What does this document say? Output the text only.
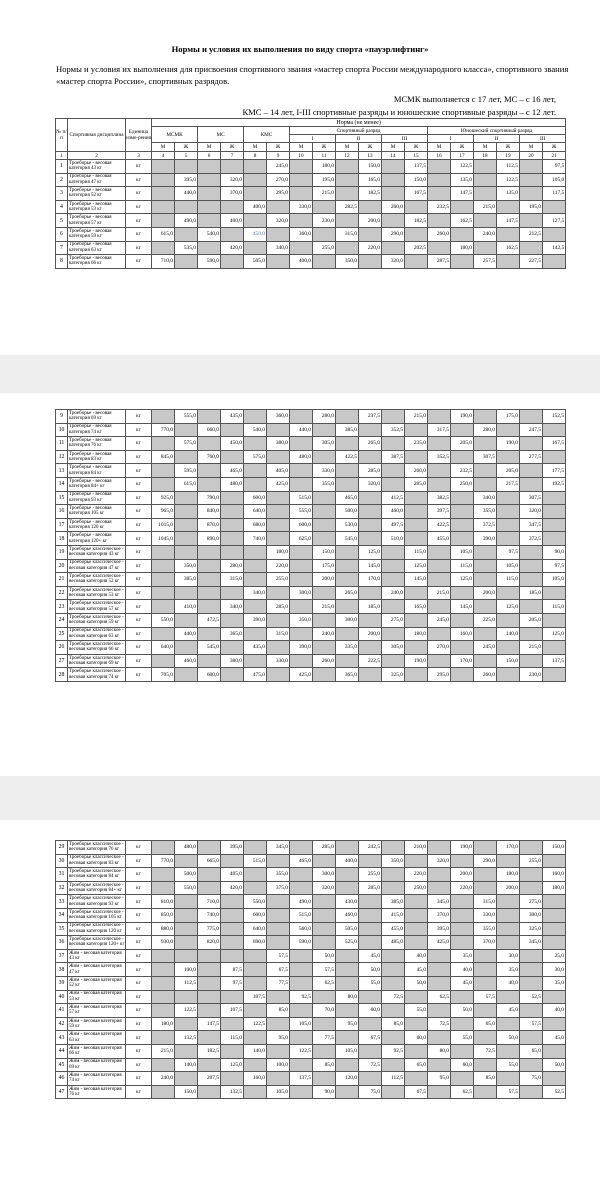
Нормы и условия их выполнения по виду спорта «пауэрлифтинг»
Нормы и условия их выполнения для присвоения спортивного звания «мастер спорта России международного класса», спортивного звания «мастер спорта России», спортивных разрядов.
МСМК выполняется с 17 лет, МС – с 16 лет,
КМС – 14 лет, I-III спортивные разряды и юношеские спортивные разряды – с 12 лет.
№ п/п	Спортивная дисциплина	Единица изме-рения	Норма (не менее)																	
			МСМК		МС		КМС		Спортивный разряд						Юношеский спортивный разряд					
									I		II		III		I		II		III	
			М	Ж	М	Ж	М	Ж	М	Ж	М	Ж	М	Ж	М	Ж	М	Ж	М	Ж
1	2	3	4	5	6	7	8	9	10	11	12	13	14	15	16	17	18	19	20	21
1	Троеборье - весовая категория 43 кг	кг						245,0		180,0		150,0		137,5		122,5		112,5		97,5
2	Троеборье - весовая категория 47 кг	кг		395,0		320,0		270,0		195,0		165,0		150,0		135,0		122,5		105,0
3	Троеборье - весовая категория 52 кг	кг		440,0		370,0		295,0		215,0		182,5		167,5		147,5		135,0		117,5
4	Троеборье - весовая категория 53 кг	кг					400,0		330,0		282,5		260,0		232,5		215,0		195,0	
5	Троеборье - весовая категория 57 кг	кг		490,0		400,0		320,0		230,0		200,0		182,5		162,5		147,5		127,5
6	Троеборье - весовая категория 59 кг	кг	615,0		540,0		450,0		360,0		315,0		290,0		260,0		240,0		212,5	
7	Троеборье - весовая категория 63 кг	кг		535,0		420,0		340,0		255,0		220,0		202,5		180,0		162,5		142,5
8	Троеборье - весовая категория 66 кг	кг	710,0		590,0		505,0		400,0		350,0		320,0		287,5		257,5		227,5	
9	Троеборье - весовая категория 69 кг	кг		555,0		435,0		360,0		280,0		237,5		215,0		190,0		175,0		152,5
10	Троеборье - весовая категория 74 кг	кг	770,0		660,0		540,0		440,0		385,0		352,5		317,5		280,0		247,5	
11	Троеборье - весовая категория 76 кг	кг		575,0		450,0		380,0		305,0		265,0		235,0		205,0		190,0		167,5
12	Троеборье - весовая категория 83 кг	кг	845,0		760,0		575,0		480,0		422,5		387,5		352,5		307,5		277,5	
13	Троеборье - весовая категория 84 кг	кг		595,0		465,0		405,0		330,0		285,0		260,0		232,5		205,0		177,5
14	Троеборье - весовая категория 84+ кг	кг		615,0		480,0		425,0		355,0		320,0		285,0		250,0		217,5		192,5
15	Троеборье - весовая категория 93 кг	кг	925,0		790,0		600,0		515,0		465,0		412,5		382,5		340,0		307,5	
16	Троеборье - весовая категория 105 кг	кг	965,0		840,0		640,0		555,0		500,0		460,0		397,5		355,0		320,0	
17	Троеборье - весовая категория 120 кг	кг	1015,0		870,0		680,0		600,0		530,0		497,5		422,5		372,5		347,5	
18	Троеборье - весовая категория 120+ кг	кг	1045,0		890,0		740,0		625,0		545,0		510,0		455,0		390,0		372,5	
19	Троеборье классическое - весовая категория 43 кг	кг						180,0		150,0		125,0		115,0		105,0		97,5		90,0
20	Троеборье классическое - весовая категория 47 кг	кг		350,0		280,0		220,0		175,0		145,0		125,0		115,0		105,0		97,5
21	Троеборье классическое - весовая категория 52 кг	кг		385,0		315,0		255,0		200,0		170,0		145,0		125,0		115,0		105,0
22	Троеборье классическое - весовая категория 53 кг	кг					340,0		300,0		265,0		240,0		215,0		200,0		185,0	
23	Троеборье классическое - весовая категория 57 кг	кг		410,0		340,0		285,0		215,0		185,0		165,0		145,0		125,0		115,0
24	Троеборье классическое - весовая категория 59 кг	кг	550,0		472,5		390,0		350,0		300,0		275,0		245,0		225,0		205,0	
25	Троеборье классическое - весовая категория 63 кг	кг		440,0		365,0		315,0		240,0		200,0		180,0		160,0		140,0		125,0
26	Троеборье классическое - весовая категория 66 кг	кг	640,0		545,0		435,0		390,0		335,0		305,0		270,0		245,0		215,0	
27	Троеборье классическое - весовая категория 69 кг	кг		460,0		380,0		330,0		260,0		222,5		190,0		170,0		150,0		137,5
28	Троеборье классическое - весовая категория 74 кг	кг	705,0		600,0		475,0		425,0		365,0		325,0		295,0		260,0		230,0	
29	Троеборье классическое - весовая категория 76 кг	кг		480,0		395,0		345,0		285,0		242,5		210,0		190,0		170,0		150,0
30	Троеборье классическое - весовая категория 83 кг	кг	770,0		665,0		515,0		465,0		400,0		350,0		320,0		290,0		255,0	
31	Троеборье классическое - весовая категория 84 кг	кг		500,0		405,0		355,0		300,0		255,0		220,0		200,0		180,0		160,0
32	Троеборье классическое - весовая категория 84+ кг	кг		550,0		420,0		375,0		320,0		285,0		250,0		220,0		200,0		180,0
33	Троеборье классическое - весовая категория 93 кг	кг	810,0		710,0		550,0		490,0		430,0		385,0		345,0		315,0		275,0	
34	Троеборье классическое - весовая категория 105 кг	кг	850,0		740,0		600,0		515,0		460,0		415,0		370,0		330,0		300,0	
35	Троеборье классическое - весовая категория 120 кг	кг	880,0		775,0		640,0		560,0		505,0		455,0		395,0		355,0		325,0	
36	Троеборье классическое - весовая категория 120+ кг	кг	930,0		820,0		690,0		590,0		525,0		485,0		425,0		370,0		345,0	
37	Жим - весовая категория 43 кг	кг						57,5		50,0		45,0		40,0		35,0		30,0		25,0
38	Жим - весовая категория 47 кг	кг		100,0		87,5		67,5		57,5		50,0		45,0		40,0		35,0		30,0
39	Жим - весовая категория 52 кг	кг		112,5		97,5		77,5		62,5		55,0		50,0		45,0		40,0		35,0
40	Жим - весовая категория 53 кг	кг					107,5		92,5		80,0		72,5		62,5		57,5		52,5	
41	Жим - весовая категория 57 кг	кг		122,5		107,5		85,0		70,0		60,0		55,0		50,0		45,0		40,0
42	Жим - весовая категория 59 кг	кг	180,0		147,5		122,5		105,0		95,0		85,0		72,5		65,0		57,5	
43	Жим - весовая категория 63 кг	кг		132,5		115,0		95,0		77,5		67,5		60,0		55,0		50,0		45,0
44	Жим - весовая категория 66 кг	кг	215,0		182,5		140,0		122,5		105,0		92,5		80,0		72,5		65,0	
45	Жим - весовая категория 69 кг	кг		140,0		125,0		100,0		85,0		72,5		65,0		60,0		55,0		50,0
46	Жим - весовая категория 74 кг	кг	240,0		207,5		160,0		137,5		120,0		112,5		95,0		85,0		75,0	
47	Жим - весовая категория 76 кг	кг		150,0		132,5		105,0		90,0		75,0		67,5		62,5		57,5		52,5
